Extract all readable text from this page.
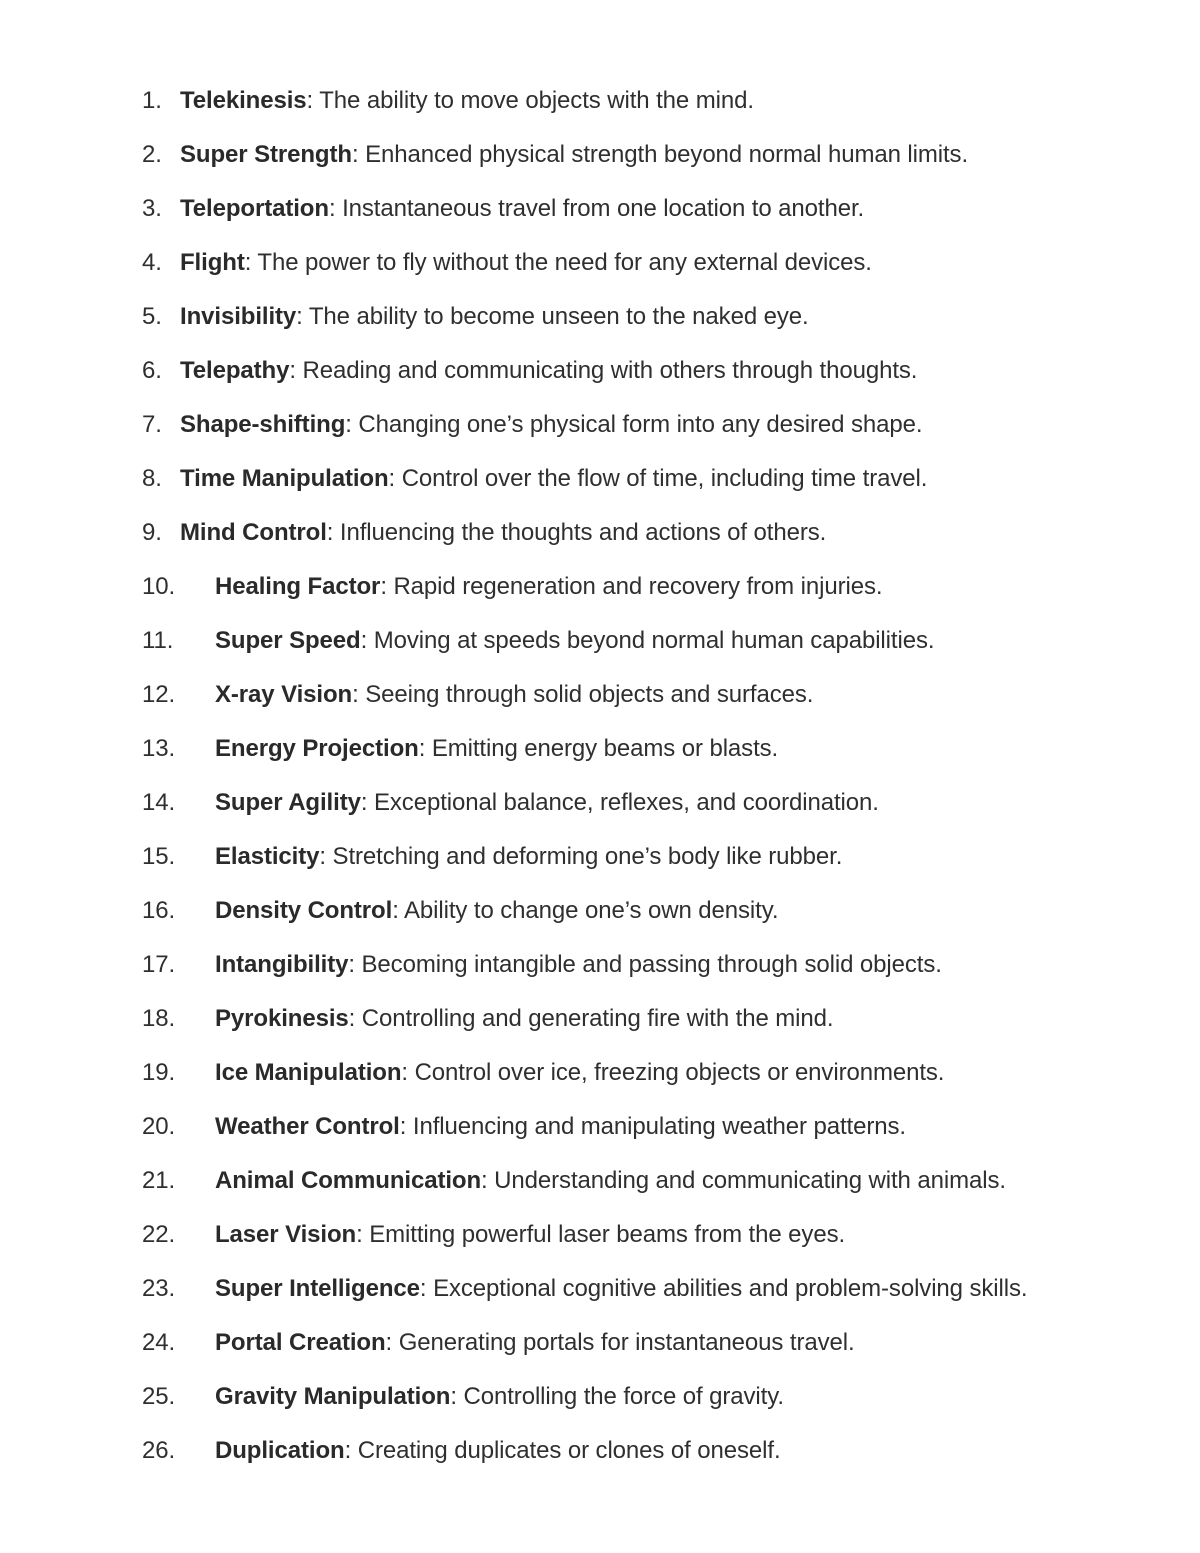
1. Telekinesis: The ability to move objects with the mind.
2. Super Strength: Enhanced physical strength beyond normal human limits.
3. Teleportation: Instantaneous travel from one location to another.
4. Flight: The power to fly without the need for any external devices.
5. Invisibility: The ability to become unseen to the naked eye.
6. Telepathy: Reading and communicating with others through thoughts.
7. Shape-shifting: Changing one’s physical form into any desired shape.
8. Time Manipulation: Control over the flow of time, including time travel.
9. Mind Control: Influencing the thoughts and actions of others.
10. Healing Factor: Rapid regeneration and recovery from injuries.
11. Super Speed: Moving at speeds beyond normal human capabilities.
12. X-ray Vision: Seeing through solid objects and surfaces.
13. Energy Projection: Emitting energy beams or blasts.
14. Super Agility: Exceptional balance, reflexes, and coordination.
15. Elasticity: Stretching and deforming one’s body like rubber.
16. Density Control: Ability to change one’s own density.
17. Intangibility: Becoming intangible and passing through solid objects.
18. Pyrokinesis: Controlling and generating fire with the mind.
19. Ice Manipulation: Control over ice, freezing objects or environments.
20. Weather Control: Influencing and manipulating weather patterns.
21. Animal Communication: Understanding and communicating with animals.
22. Laser Vision: Emitting powerful laser beams from the eyes.
23. Super Intelligence: Exceptional cognitive abilities and problem-solving skills.
24. Portal Creation: Generating portals for instantaneous travel.
25. Gravity Manipulation: Controlling the force of gravity.
26. Duplication: Creating duplicates or clones of oneself.
